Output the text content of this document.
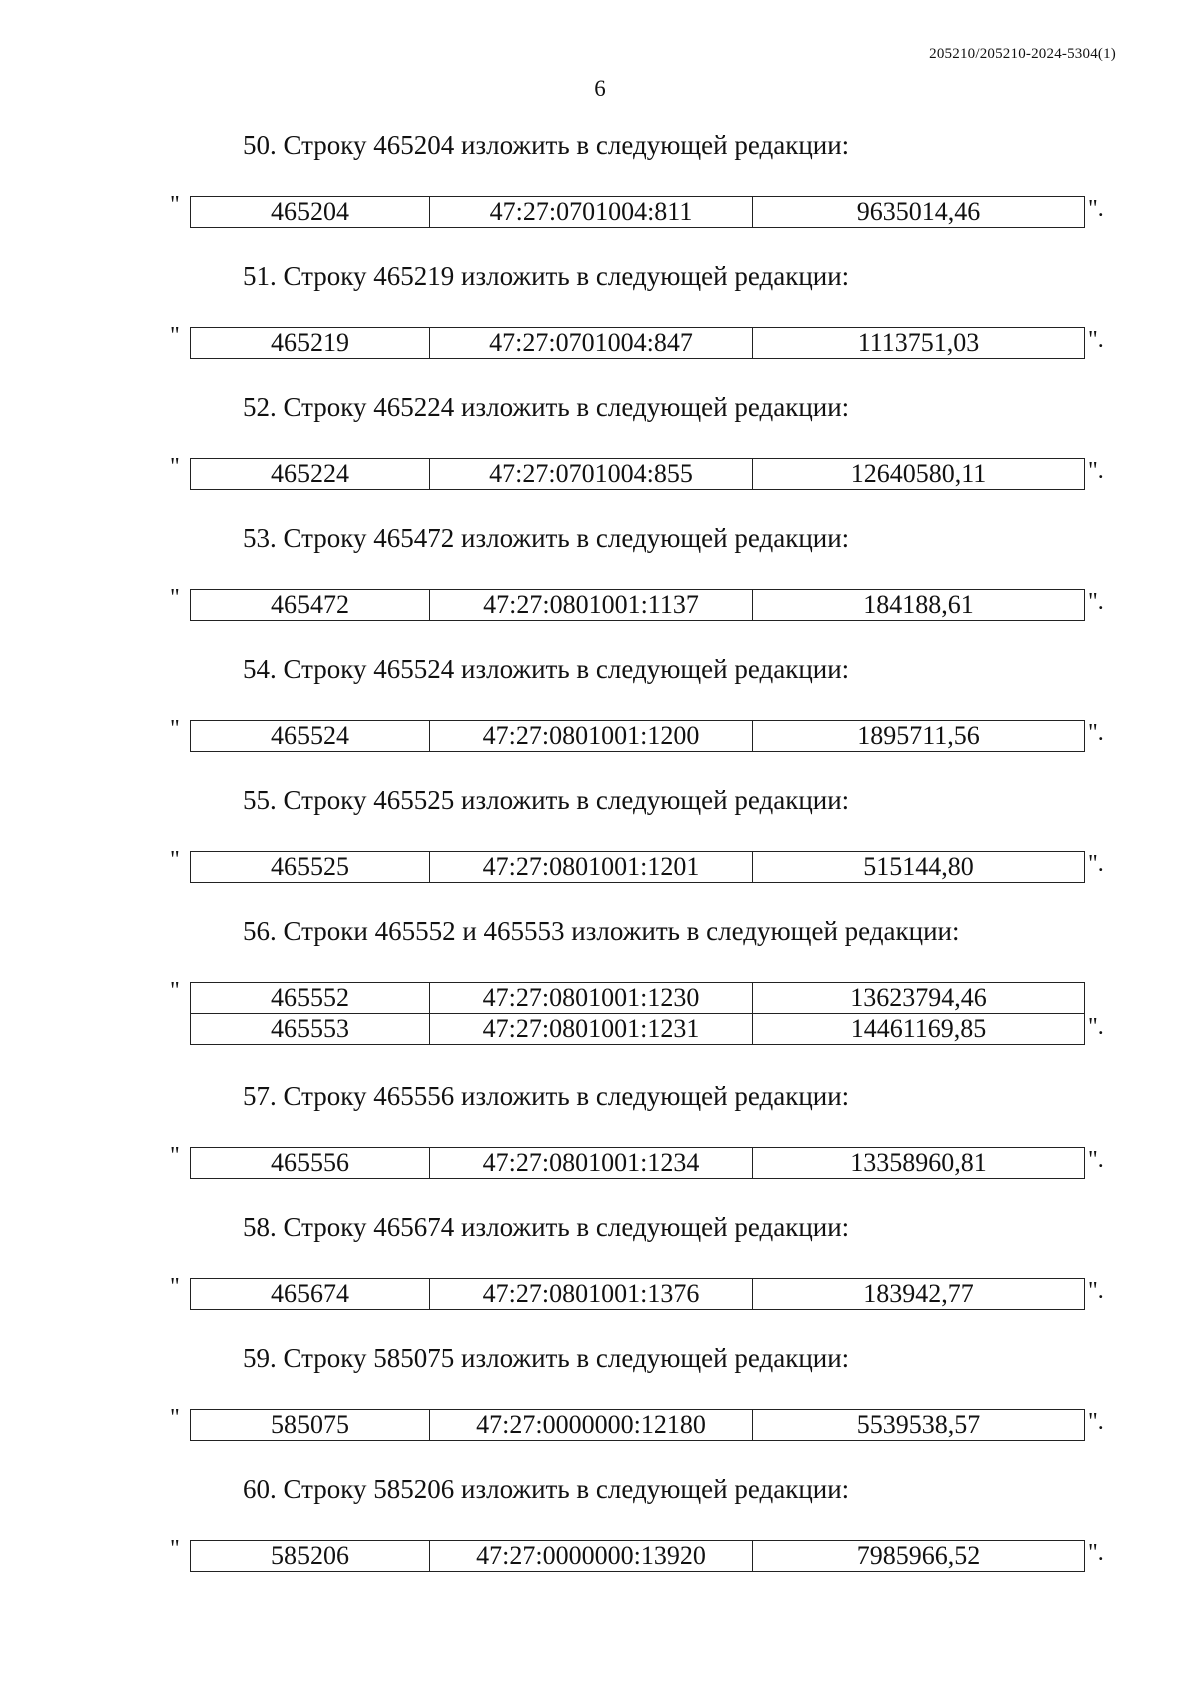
205210/205210-2024-5304(1)
6
50. Строку 465204 изложить в следующей редакции:
"	465204	47:27:0701004:811	9635014,46	".
51. Строку 465219 изложить в следующей редакции:
"	465219	47:27:0701004:847	1113751,03	".
52. Строку 465224 изложить в следующей редакции:
"	465224	47:27:0701004:855	12640580,11	".
53. Строку 465472 изложить в следующей редакции:
"	465472	47:27:0801001:1137	184188,61	".
54. Строку 465524 изложить в следующей редакции:
"	465524	47:27:0801001:1200	1895711,56	".
55. Строку 465525 изложить в следующей редакции:
"	465525	47:27:0801001:1201	515144,80	".
56. Строки 465552 и 465553 изложить в следующей редакции:
"	465552	47:27:0801001:1230	13623794,46
465553	47:27:0801001:1231	14461169,85	".
57. Строку 465556 изложить в следующей редакции:
"	465556	47:27:0801001:1234	13358960,81	".
58. Строку 465674 изложить в следующей редакции:
"	465674	47:27:0801001:1376	183942,77	".
59. Строку 585075 изложить в следующей редакции:
"	585075	47:27:0000000:12180	5539538,57	".
60. Строку 585206 изложить в следующей редакции:
"	585206	47:27:0000000:13920	7985966,52	".
